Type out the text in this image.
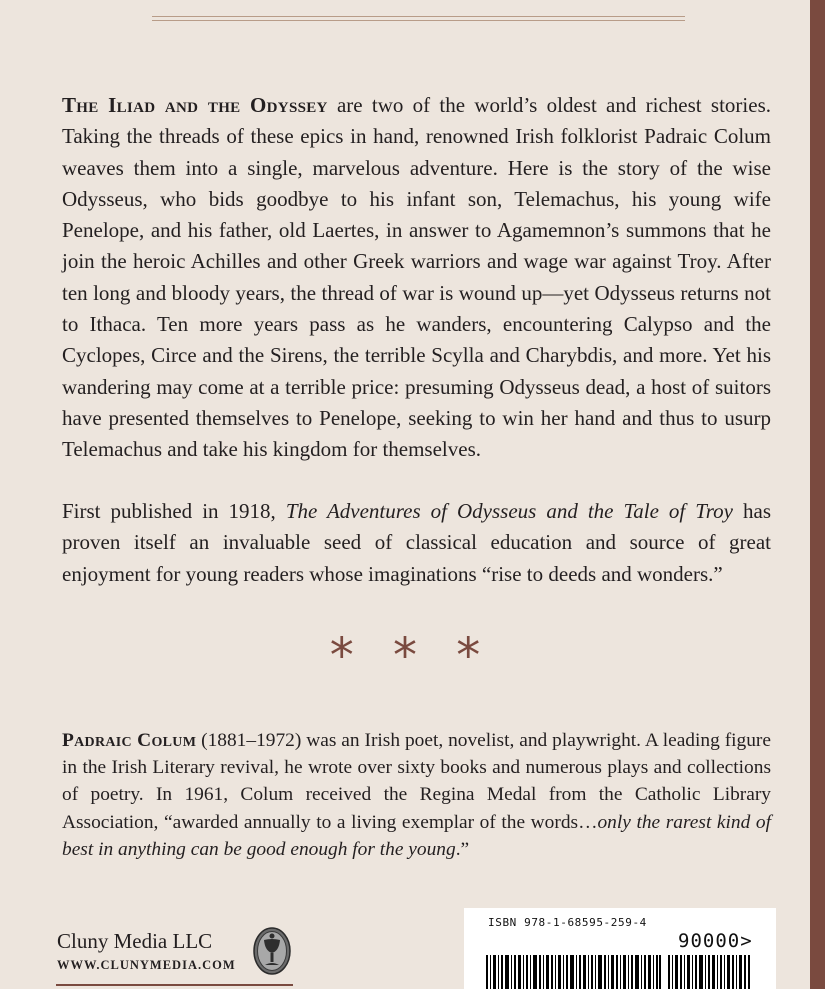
The Iliad and the Odyssey are two of the world’s oldest and richest stories. Taking the threads of these epics in hand, renowned Irish folklorist Padraic Colum weaves them into a single, marvelous adventure. Here is the story of the wise Odysseus, who bids goodbye to his infant son, Telemachus, his young wife Penelope, and his father, old Laertes, in answer to Agamemnon’s summons that he join the heroic Achilles and other Greek warriors and wage war against Troy. After ten long and bloody years, the thread of war is wound up—yet Odysseus returns not to Ithaca. Ten more years pass as he wanders, encountering Calypso and the Cyclopes, Circe and the Sirens, the terrible Scylla and Charybdis, and more. Yet his wandering may come at a terrible price: presuming Odysseus dead, a host of suitors have presented themselves to Penelope, seeking to win her hand and thus to usurp Telemachus and take his kingdom for themselves.

First published in 1918, The Adventures of Odysseus and the Tale of Troy has proven itself an invaluable seed of classical education and source of great enjoyment for young readers whose imaginations “rise to deeds and wonders.”

* * *

Padraic Colum (1881–1972) was an Irish poet, novelist, and playwright. A leading figure in the Irish Literary revival, he wrote over sixty books and numerous plays and collections of poetry. In 1961, Colum received the Regina Medal from the Catholic Library Association, “awarded annually to a living exemplar of the words…only the rarest kind of best in anything can be good enough for the young.”

Cluny Media LLC
WWW.CLUNYMEDIA.COM
ISBN 978-1-68595-259-4
90000>
